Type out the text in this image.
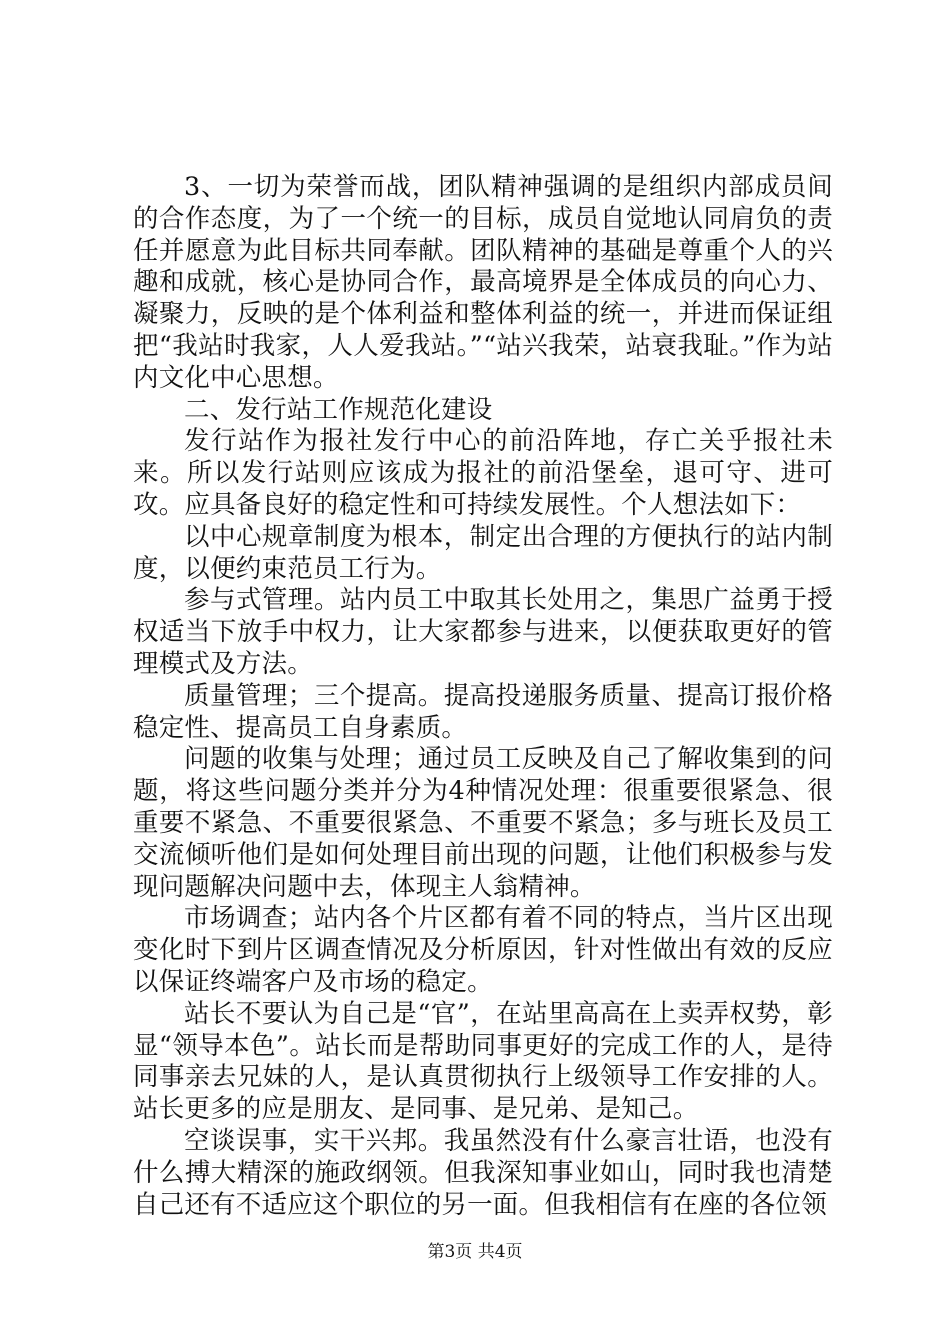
3、一切为荣誉而战，团队精神强调的是组织内部成员间的合作态度，为了一个统一的目标，成员自觉地认同肩负的责任并愿意为此目标共同奉献。团队精神的基础是尊重个人的兴趣和成就，核心是协同合作，最高境界是全体成员的向心力、凝聚力，反映的是个体利益和整体利益的统一，并进而保证组把“我站时我家，人人爱我站。”“站兴我荣，站衰我耻。”作为站内文化中心思想。

二、发行站工作规范化建设

发行站作为报社发行中心的前沿阵地，存亡关乎报社未来。所以发行站则应该成为报社的前沿堡垒，退可守、进可攻。应具备良好的稳定性和可持续发展性。个人想法如下：

以中心规章制度为根本，制定出合理的方便执行的站内制度，以便约束范员工行为。

参与式管理。站内员工中取其长处用之，集思广益勇于授权适当下放手中权力，让大家都参与进来，以便获取更好的管理模式及方法。

质量管理；三个提高。提高投递服务质量、提高订报价格稳定性、提高员工自身素质。

问题的收集与处理；通过员工反映及自己了解收集到的问题，将这些问题分类并分为4种情况处理：很重要很紧急、很重要不紧急、不重要很紧急、不重要不紧急；多与班长及员工交流倾听他们是如何处理目前出现的问题，让他们积极参与发现问题解决问题中去，体现主人翁精神。

市场调查；站内各个片区都有着不同的特点，当片区出现变化时下到片区调查情况及分析原因，针对性做出有效的反应以保证终端客户及市场的稳定。

站长不要认为自己是“官”，在站里高高在上卖弄权势，彰显“领导本色”。站长而是帮助同事更好的完成工作的人，是待同事亲去兄妹的人，是认真贯彻执行上级领导工作安排的人。站长更多的应是朋友、是同事、是兄弟、是知己。

空谈误事，实干兴邦。我虽然没有什么豪言壮语，也没有什么搏大精深的施政纲领。但我深知事业如山，同时我也清楚自己还有不适应这个职位的另一面。但我相信有在座的各位领

第3页 共4页
